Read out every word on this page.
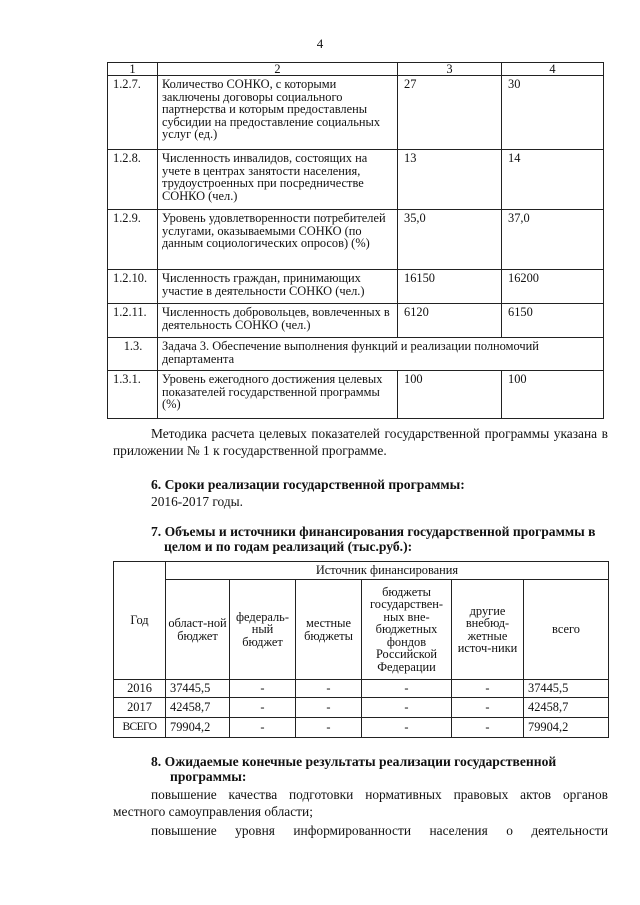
4
1	2	3	4
1.2.7.	Количество СОНКО, с которыми заключены договоры социального партнерства и которым предоставлены субсидии на предоставление социальных услуг (ед.)	27	30
1.2.8.	Численность инвалидов, состоящих на учете в центрах занятости населения, трудоустроенных при посредничестве СОНКО (чел.)	13	14
1.2.9.	Уровень удовлетворенности потребителей услугами, оказываемыми СОНКО (по данным социологических опросов) (%)	35,0	37,0
1.2.10.	Численность граждан, принимающих участие в деятельности СОНКО (чел.)	16150	16200
1.2.11.	Численность добровольцев, вовлеченных в деятельность СОНКО (чел.)	6120	6150
1.3.	Задача 3. Обеспечение выполнения функций и реализации полномочий департамента		
1.3.1.	Уровень ежегодного достижения целевых показателей государственной программы (%)	100	100
Методика расчета целевых показателей государственной программы указана в приложении № 1 к государственной программе.
6. Сроки реализации государственной программы:
2016-2017 годы.
7. Объемы и источники финансирования государственной программы в целом и по годам реализаций (тыс.руб.):
Год	Источник финансирования					
	област-ной бюджет	федераль-ный бюджет	местные бюджеты	бюджеты государствен-ных вне-бюджетных фондов Российской Федерации	другие внебюд-жетные источ-ники	всего
2016	37445,5	-	-	-	-	37445,5
2017	42458,7	-	-	-	-	42458,7
ВСЕГО	79904,2	-	-	-	-	79904,2
8. Ожидаемые конечные результаты реализации государственной программы:
повышение качества подготовки нормативных правовых актов органов местного самоуправления области;
повышение уровня информированности населения о деятельности
